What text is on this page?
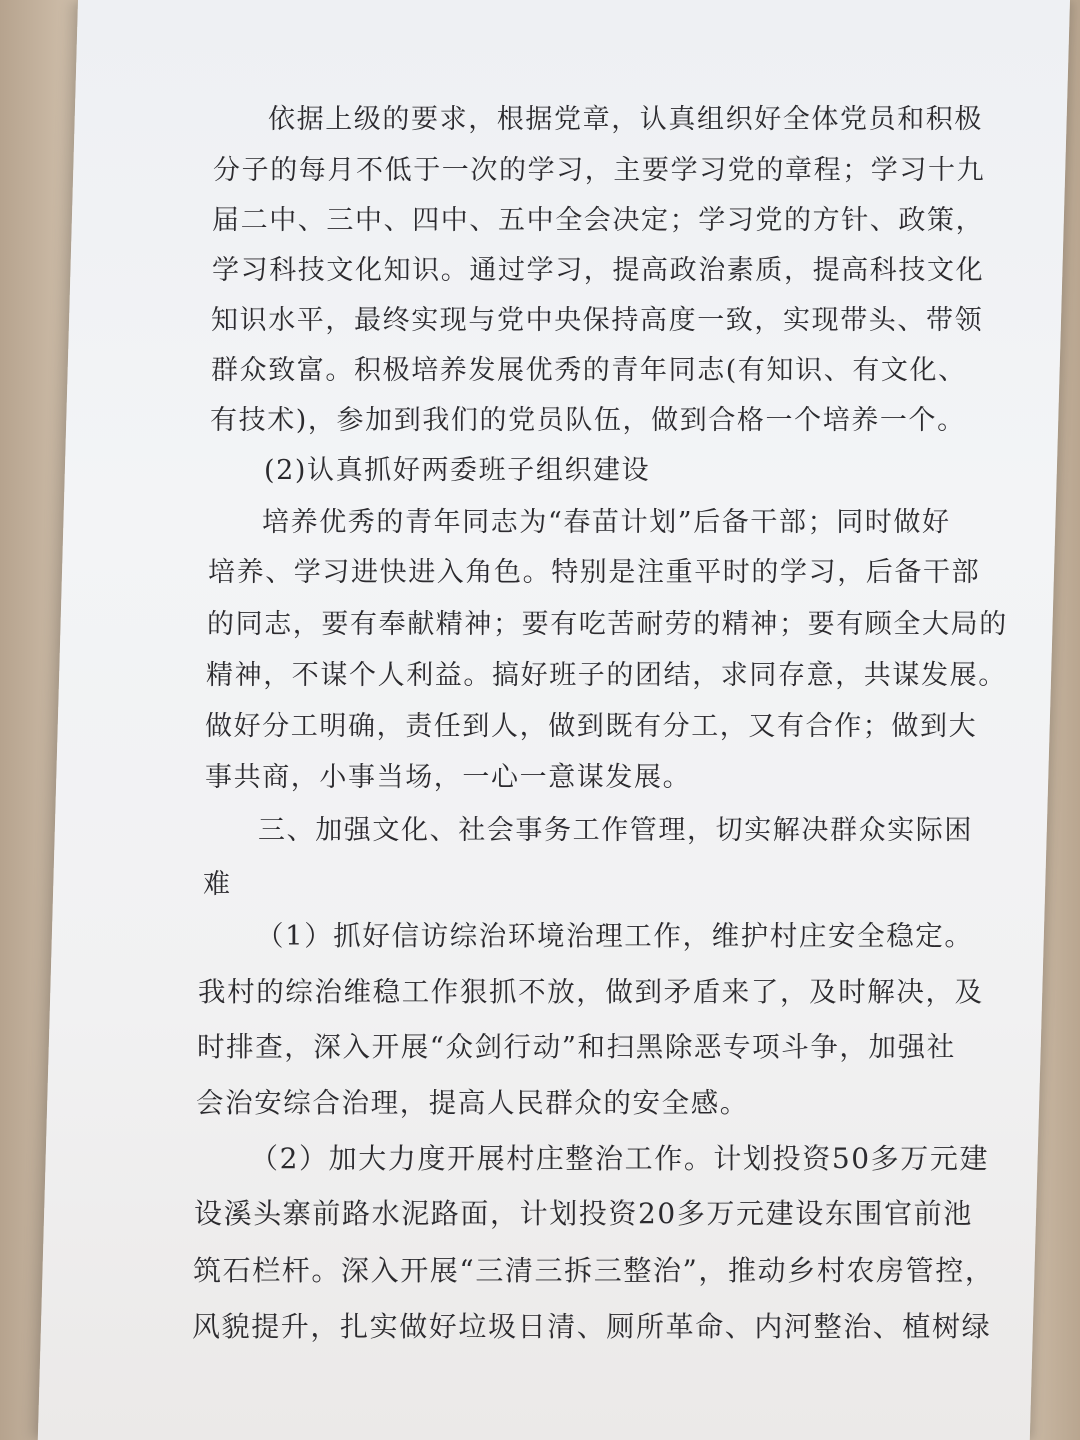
依据上级的要求，根据党章，认真组织好全体党员和积极
分子的每月不低于一次的学习，主要学习党的章程；学习十九
届二中、三中、四中、五中全会决定；学习党的方针、政策，
学习科技文化知识。通过学习，提高政治素质，提高科技文化
知识水平，最终实现与党中央保持高度一致，实现带头、带领
群众致富。积极培养发展优秀的青年同志(有知识、有文化、
有技术)，参加到我们的党员队伍，做到合格一个培养一个。
(2)认真抓好两委班子组织建设
培养优秀的青年同志为“春苗计划”后备干部；同时做好
培养、学习进快进入角色。特别是注重平时的学习，后备干部
的同志，要有奉献精神；要有吃苦耐劳的精神；要有顾全大局的
精神，不谋个人利益。搞好班子的团结，求同存意，共谋发展。
做好分工明确，责任到人，做到既有分工，又有合作；做到大
事共商，小事当场，一心一意谋发展。
三、加强文化、社会事务工作管理，切实解决群众实际困
难
（1）抓好信访综治环境治理工作，维护村庄安全稳定。
我村的综治维稳工作狠抓不放，做到矛盾来了，及时解决，及
时排查，深入开展“众剑行动”和扫黑除恶专项斗争，加强社
会治安综合治理，提高人民群众的安全感。
（2）加大力度开展村庄整治工作。计划投资50多万元建
设溪头寨前路水泥路面，计划投资20多万元建设东围官前池
筑石栏杆。深入开展“三清三拆三整治”，推动乡村农房管控，
风貌提升，扎实做好垃圾日清、厕所革命、内河整治、植树绿
